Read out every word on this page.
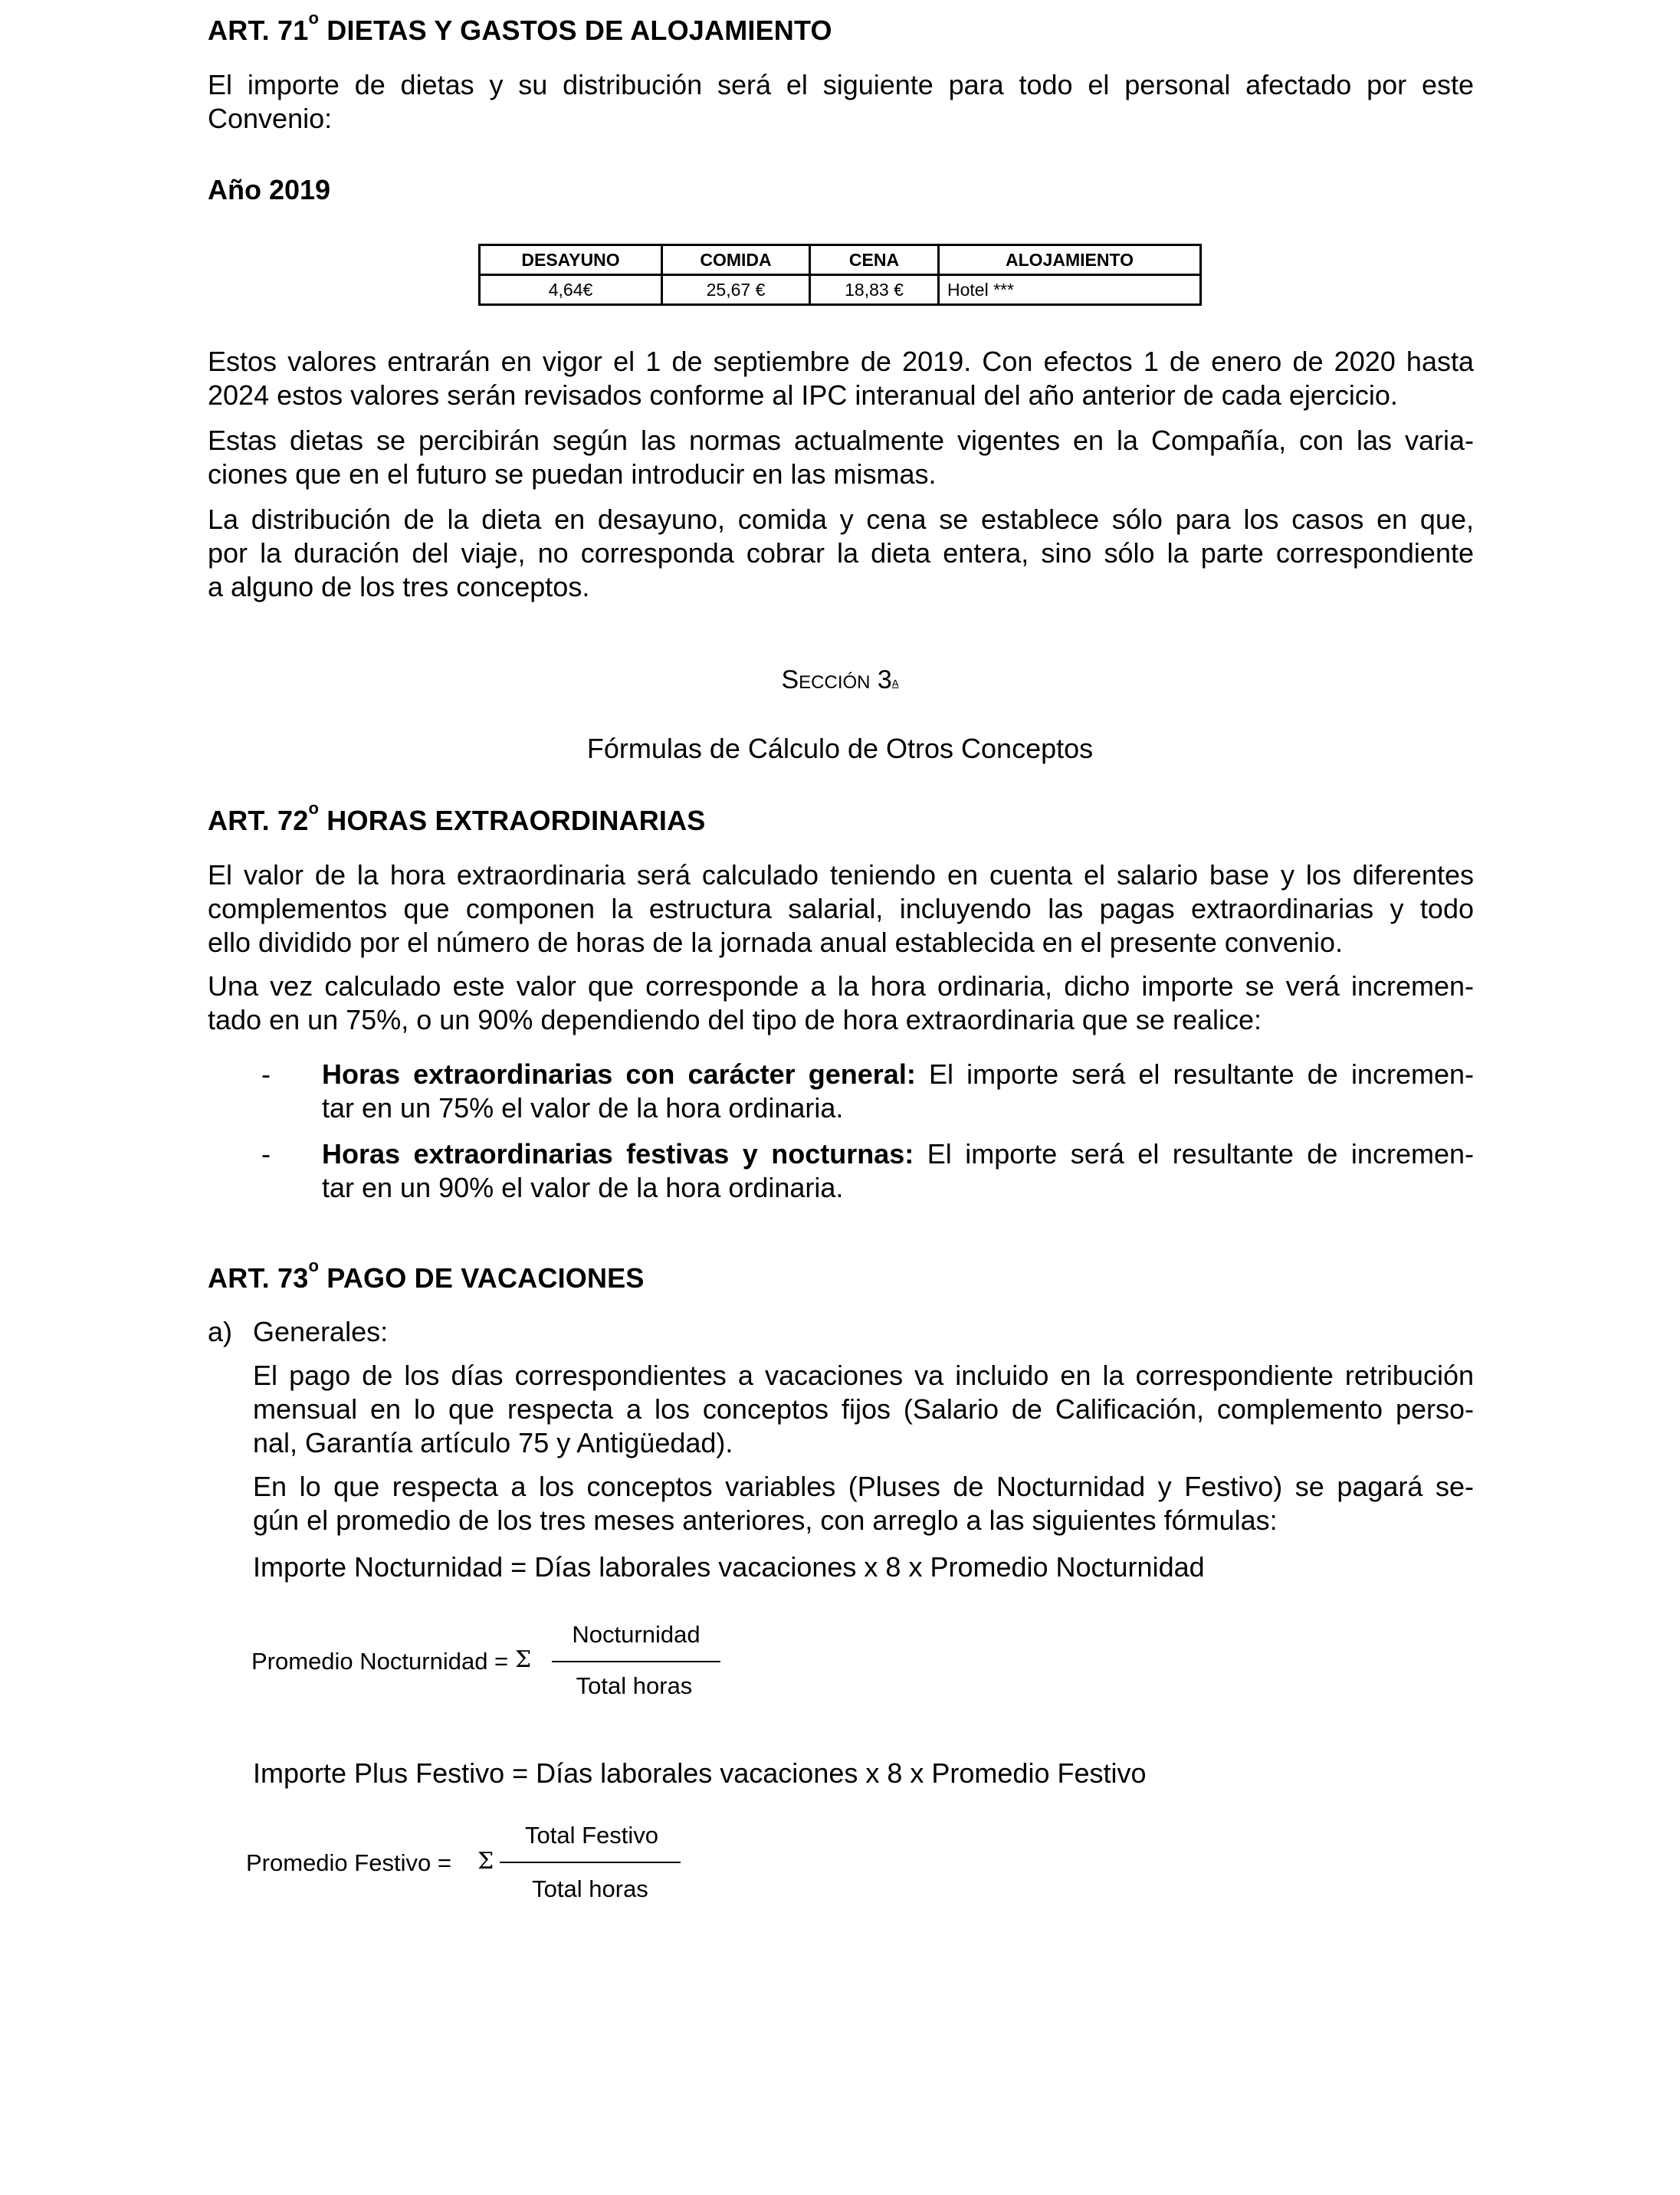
ART. 71$^o$ DIETAS Y GASTOS DE ALOJAMIENTO
El importe de dietas y su distribución será el siguiente para todo el personal afectado por este
Convenio:
Año 2019
DESAYUNO	COMIDA	CENA	ALOJAMIENTO
4,64€	25,67 €	18,83 €	Hotel ***
Estos valores entrarán en vigor el 1 de septiembre de 2019. Con efectos 1 de enero de 2020 hasta
2024 estos valores serán revisados conforme al IPC interanual del año anterior de cada ejercicio.
Estas dietas se percibirán según las normas actualmente vigentes en la Compañía, con las varia-
ciones que en el futuro se puedan introducir en las mismas.
La distribución de la dieta en desayuno, comida y cena se establece sólo para los casos en que,
por la duración del viaje, no corresponda cobrar la dieta entera, sino sólo la parte correspondiente
a alguno de los tres conceptos.
Sección 3$^a$
Fórmulas de Cálculo de Otros Conceptos
ART. 72$^o$ HORAS EXTRAORDINARIAS
El valor de la hora extraordinaria será calculado teniendo en cuenta el salario base y los diferentes
complementos que componen la estructura salarial, incluyendo las pagas extraordinarias y todo
ello dividido por el número de horas de la jornada anual establecida en el presente convenio.
Una vez calculado este valor que corresponde a la hora ordinaria, dicho importe se verá incremen-
tado en un 75%, o un 90% dependiendo del tipo de hora extraordinaria que se realice:
- Horas extraordinarias con carácter general: El importe será el resultante de incremen-
tar en un 75% el valor de la hora ordinaria.
- Horas extraordinarias festivas y nocturnas: El importe será el resultante de incremen-
tar en un 90% el valor de la hora ordinaria.
ART. 73$^o$ PAGO DE VACACIONES
a) Generales:
El pago de los días correspondientes a vacaciones va incluido en la correspondiente retribución
mensual en lo que respecta a los conceptos fijos (Salario de Calificación, complemento perso-
nal, Garantía artículo 75 y Antigüedad).
En lo que respecta a los conceptos variables (Pluses de Nocturnidad y Festivo) se pagará se-
gún el promedio de los tres meses anteriores, con arreglo a las siguientes fórmulas:
Importe Nocturnidad = Días laborales vacaciones x 8 x Promedio Nocturnidad
Promedio Nocturnidad = Σ
Nocturnidad
Total horas
Importe Plus Festivo = Días laborales vacaciones x 8 x Promedio Festivo
Promedio Festivo = Σ
Total Festivo
Total horas
